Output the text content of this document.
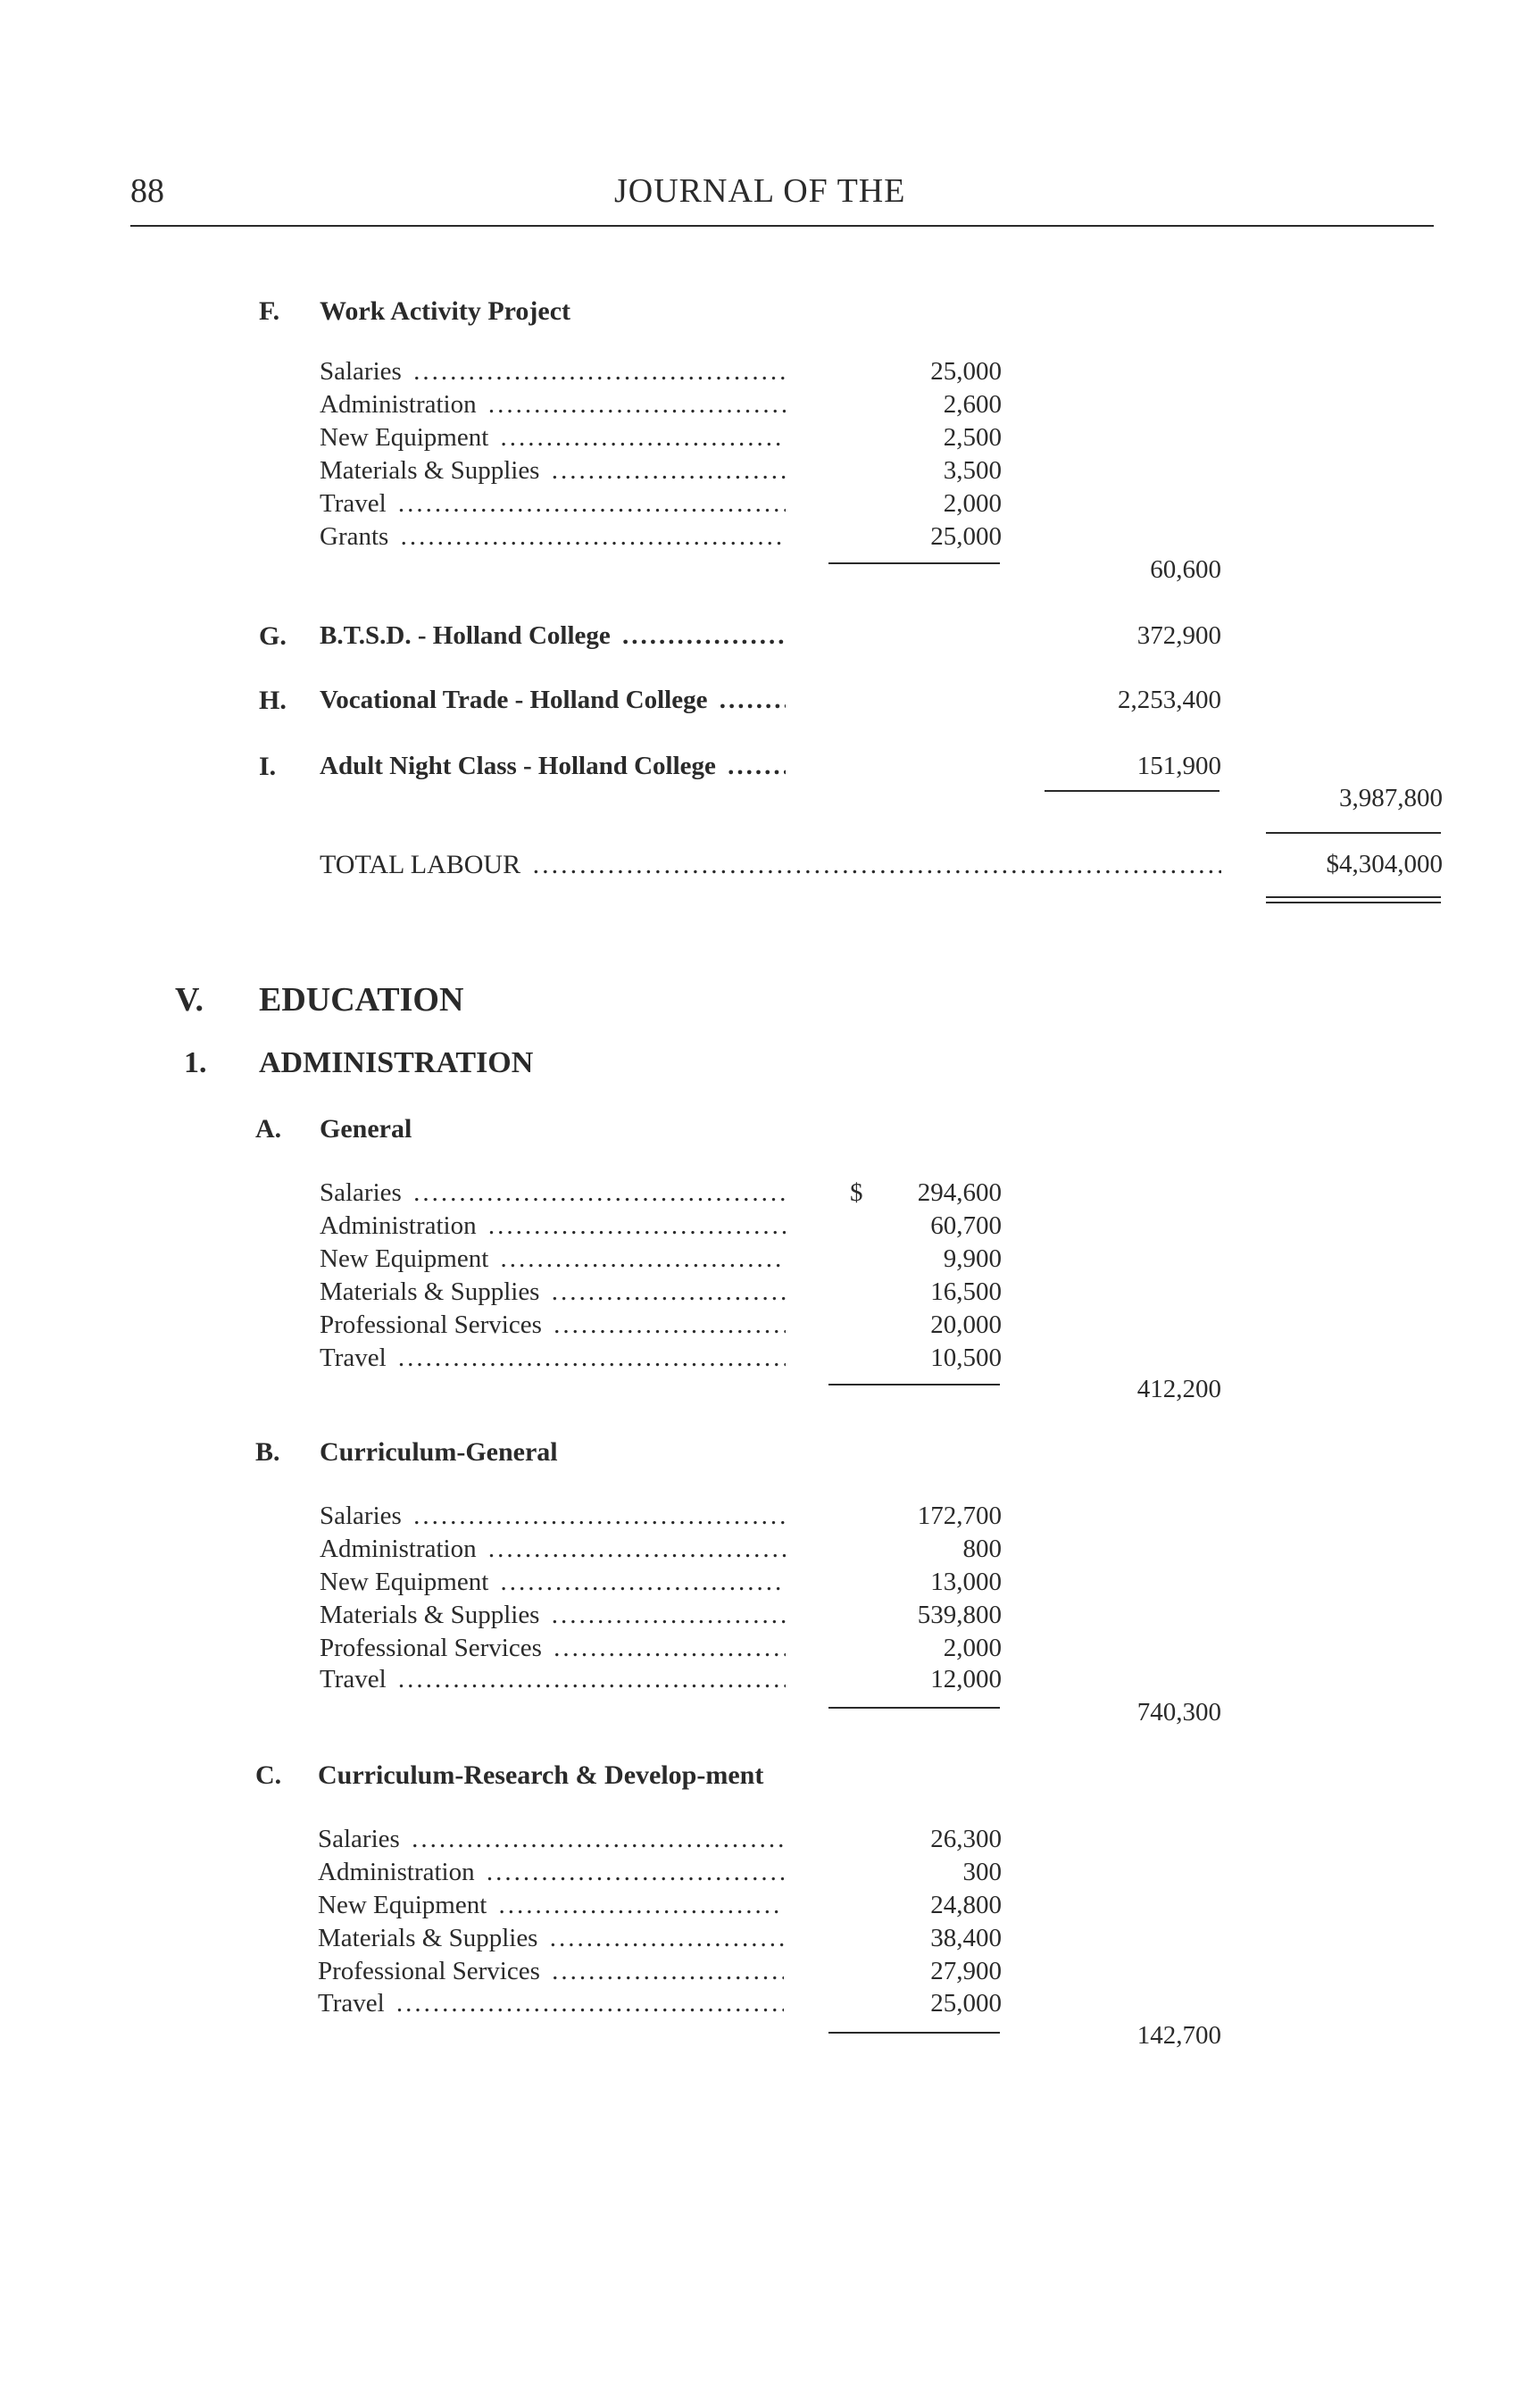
88	JOURNAL OF THE
F. Work Activity Project
Salaries .....	25,000
Administration .....	2,600
New Equipment .....	2,500
Materials & Supplies .....	3,500
Travel .....	2,000
Grants .....	25,000
60,600
G. B.T.S.D. - Holland College .....	372,900
H. Vocational Trade - Holland College .....	2,253,400
I. Adult Night Class - Holland College .....	151,900
3,987,800
TOTAL LABOUR .....	$4,304,000
V. EDUCATION
1. ADMINISTRATION
A. General
$
Salaries .....	294,600
Administration .....	60,700
New Equipment .....	9,900
Materials & Supplies .....	16,500
Professional Services .....	20,000
Travel .....	10,500
412,200
B. Curriculum-General
Salaries .....	172,700
Administration .....	800
New Equipment .....	13,000
Materials & Supplies .....	539,800
Professional Services .....	2,000
Travel .....	12,000
740,300
C. Curriculum-Research & Develop-ment
Salaries .....	26,300
Administration .....	300
New Equipment .....	24,800
Materials & Supplies .....	38,400
Professional Services .....	27,900
Travel .....	25,000
142,700
